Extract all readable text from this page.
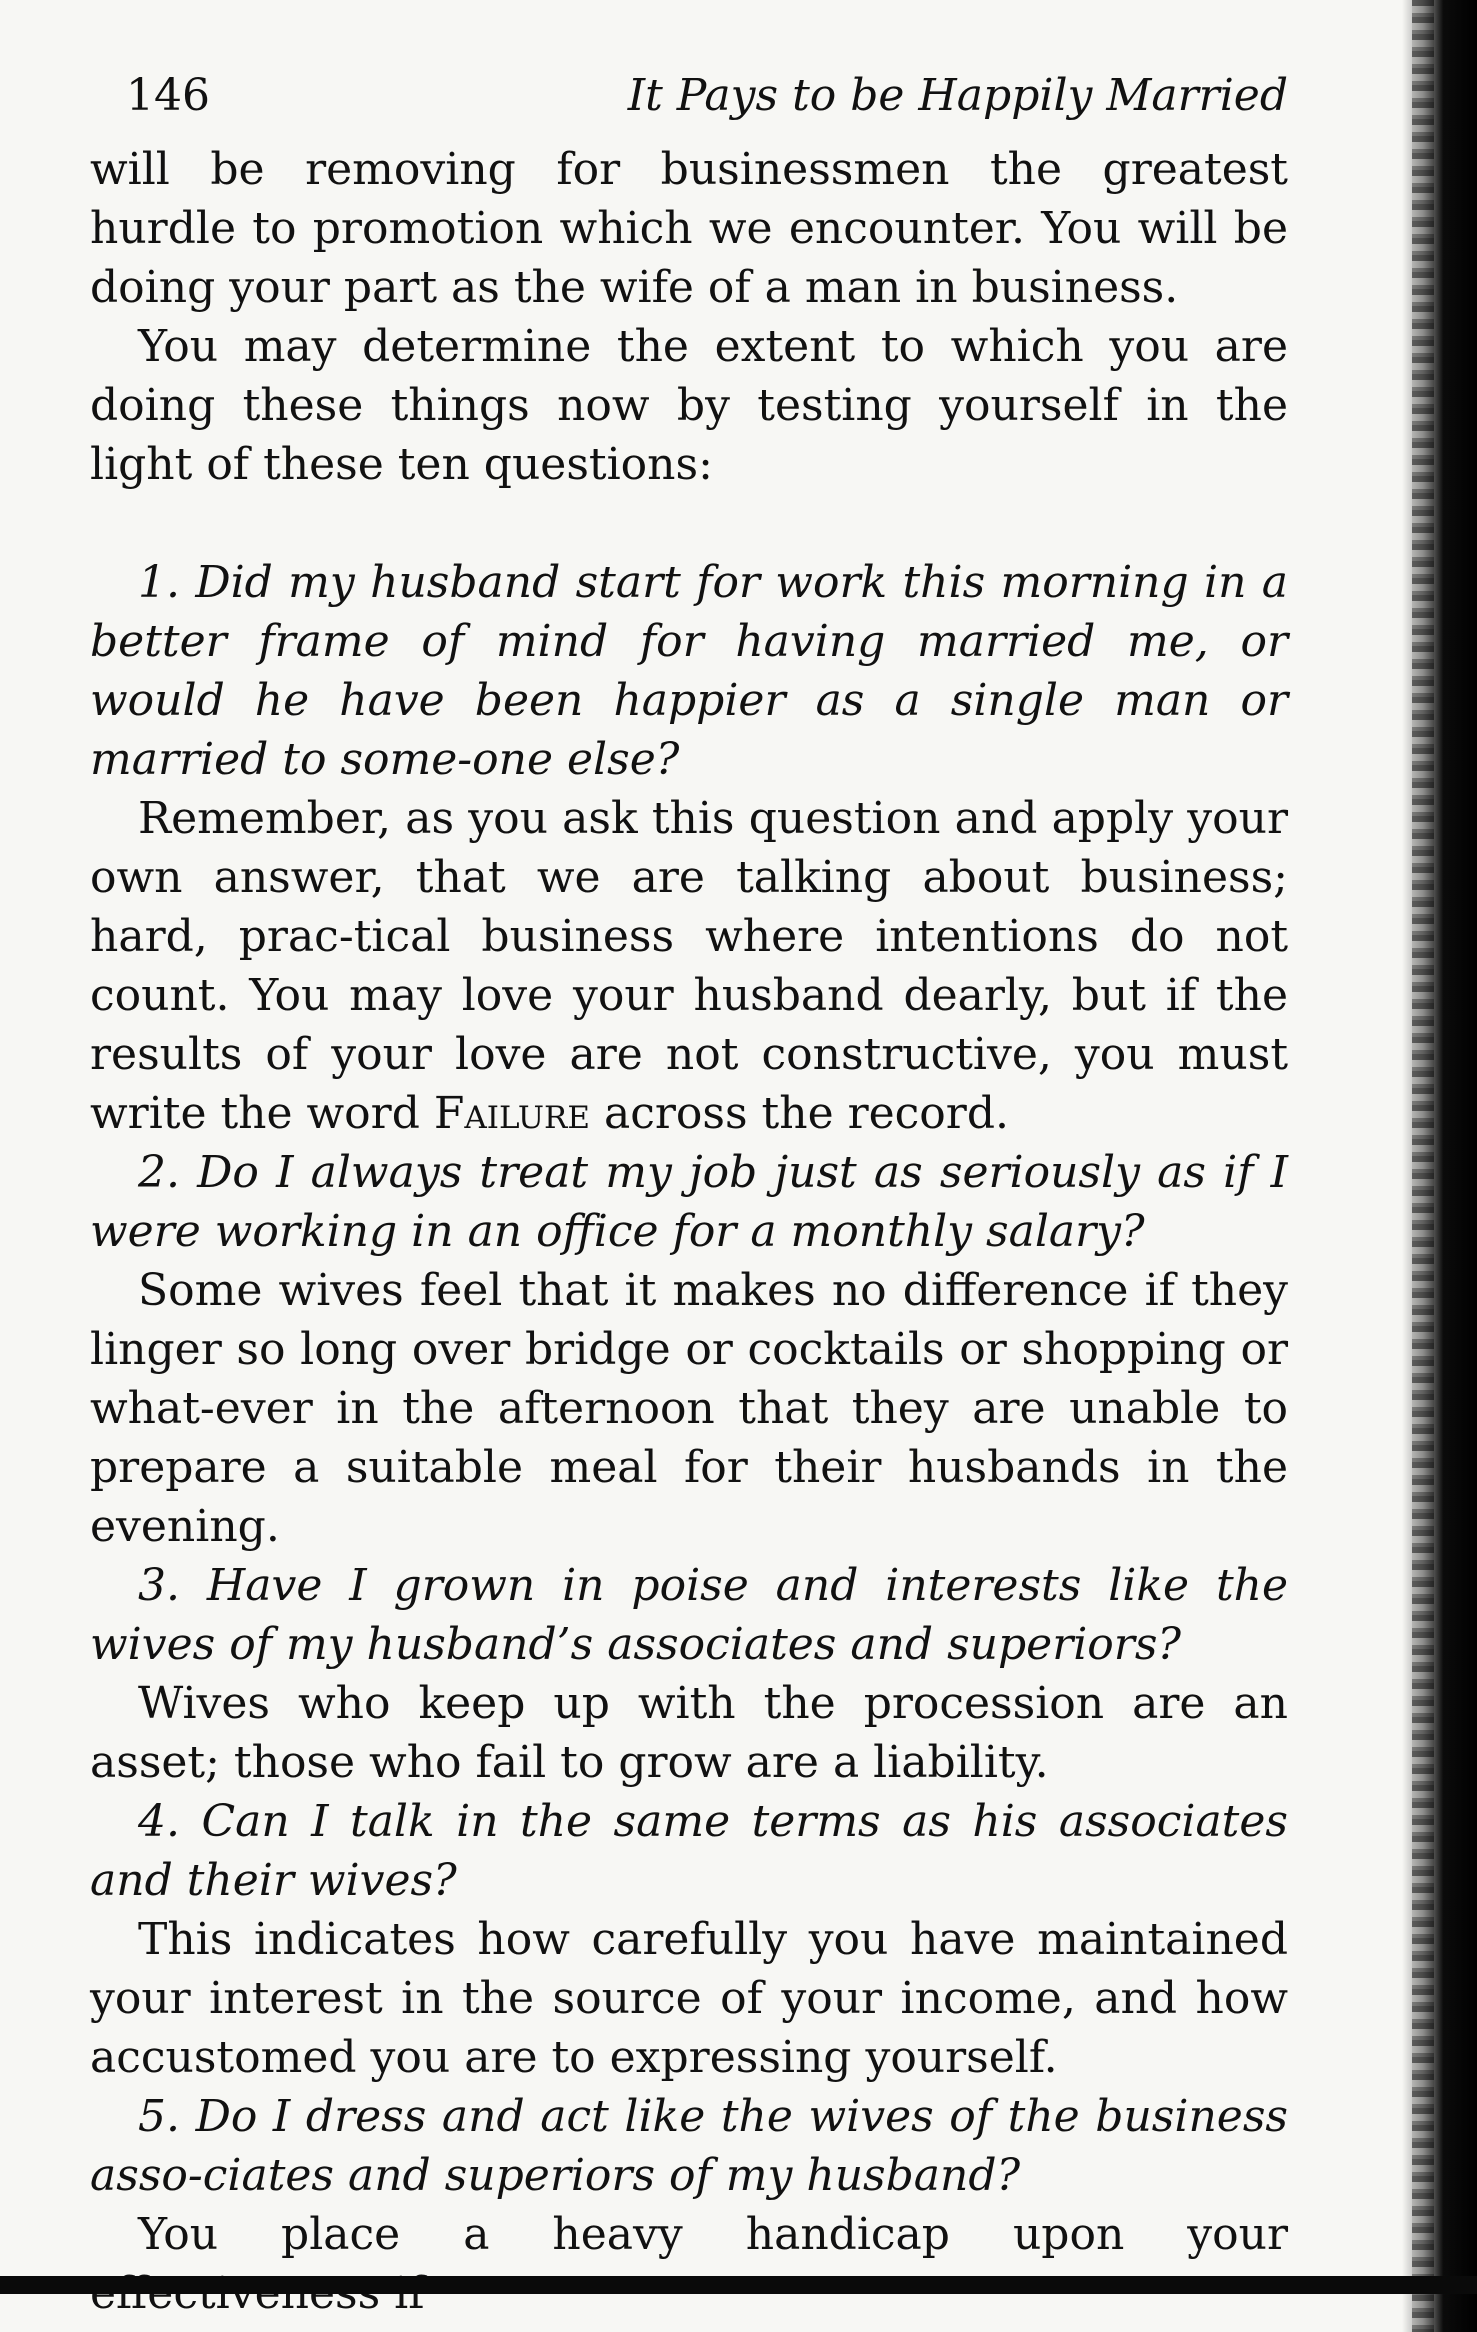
146	It Pays to be Happily Married

will be removing for businessmen the greatest hurdle to promotion which we encounter. You will be doing your part as the wife of a man in business.

You may determine the extent to which you are doing these things now by testing yourself in the light of these ten questions:

1. Did my husband start for work this morning in a better frame of mind for having married me, or would he have been happier as a single man or married to some-one else?

Remember, as you ask this question and apply your own answer, that we are talking about business; hard, prac-tical business where intentions do not count. You may love your husband dearly, but if the results of your love are not constructive, you must write the word Failure across the record.

2. Do I always treat my job just as seriously as if I were working in an office for a monthly salary?

Some wives feel that it makes no difference if they linger so long over bridge or cocktails or shopping or what-ever in the afternoon that they are unable to prepare a suitable meal for their husbands in the evening.

3. Have I grown in poise and interests like the wives of my husband’s associates and superiors?

Wives who keep up with the procession are an asset; those who fail to grow are a liability.

4. Can I talk in the same terms as his associates and their wives?

This indicates how carefully you have maintained your interest in the source of your income, and how accustomed you are to expressing yourself.

5. Do I dress and act like the wives of the business asso-ciates and superiors of my husband?

You place a heavy handicap upon your
